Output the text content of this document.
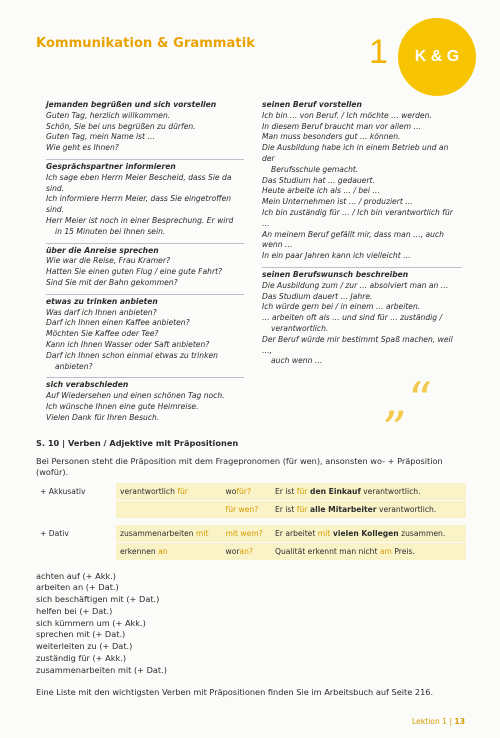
Kommunikation & Grammatik	1	K & G
jemanden begrüßen und sich vorstellen
Guten Tag, herzlich willkommen.
Schön, Sie bei uns begrüßen zu dürfen.
Guten Tag, mein Name ist …
Wie geht es Ihnen?
Gesprächspartner informieren
Ich sage eben Herrn Meier Bescheid, dass Sie da sind.
Ich informiere Herrn Meier, dass Sie eingetroffen sind.
Herr Meier ist noch in einer Besprechung. Er wird
in 15 Minuten bei Ihnen sein.
über die Anreise sprechen
Wie war die Reise, Frau Kramer?
Hatten Sie einen guten Flug / eine gute Fahrt?
Sind Sie mit der Bahn gekommen?
etwas zu trinken anbieten
Was darf ich Ihnen anbieten?
Darf ich Ihnen einen Kaffee anbieten?
Möchten Sie Kaffee oder Tee?
Kann ich Ihnen Wasser oder Saft anbieten?
Darf ich Ihnen schon einmal etwas zu trinken
anbieten?
sich verabschieden
Auf Wiedersehen und einen schönen Tag noch.
Ich wünsche Ihnen eine gute Heimreise.
Vielen Dank für Ihren Besuch.
seinen Beruf vorstellen
Ich bin … von Beruf. / Ich möchte … werden.
In diesem Beruf braucht man vor allem …
Man muss besonders gut … können.
Die Ausbildung habe ich in einem Betrieb und an der
Berufsschule gemacht.
Das Studium hat … gedauert.
Heute arbeite ich als … / bei …
Mein Unternehmen ist … / produziert …
Ich bin zuständig für … / Ich bin verantwortlich für …
An meinem Beruf gefällt mir, dass man …, auch wenn …
In ein paar Jahren kann ich vielleicht …
seinen Berufswunsch beschreiben
Die Ausbildung zum / zur … absolviert man an …
Das Studium dauert … Jahre.
Ich würde gern bei / in einem … arbeiten.
… arbeiten oft als … und sind für … zuständig /
verantwortlich.
Der Beruf würde mir bestimmt Spaß machen, weil …,
auch wenn …
„“
S. 10 | Verben / Adjektive mit Präpositionen
Bei Personen steht die Präposition mit dem Fragepronomen (für wen), ansonsten wo- + Präposition (wofür).
+ Akkusativ	verantwortlich für	wofür?	Er ist für den Einkauf verantwortlich.
		für wen?	Er ist für alle Mitarbeiter verantwortlich.

+ Dativ	zusammenarbeiten mit	mit wem?	Er arbeitet mit vielen Kollegen zusammen.
	erkennen an	woran?	Qualität erkennt man nicht am Preis.
achten auf (+ Akk.)
arbeiten an (+ Dat.)
sich beschäftigen mit (+ Dat.)
helfen bei (+ Dat.)
sich kümmern um (+ Akk.)
sprechen mit (+ Dat.)
weiterleiten zu (+ Dat.)
zuständig für (+ Akk.)
zusammenarbeiten mit (+ Dat.)
Eine Liste mit den wichtigsten Verben mit Präpositionen finden Sie im Arbeitsbuch auf Seite 216.
Lektion 1 | 13
